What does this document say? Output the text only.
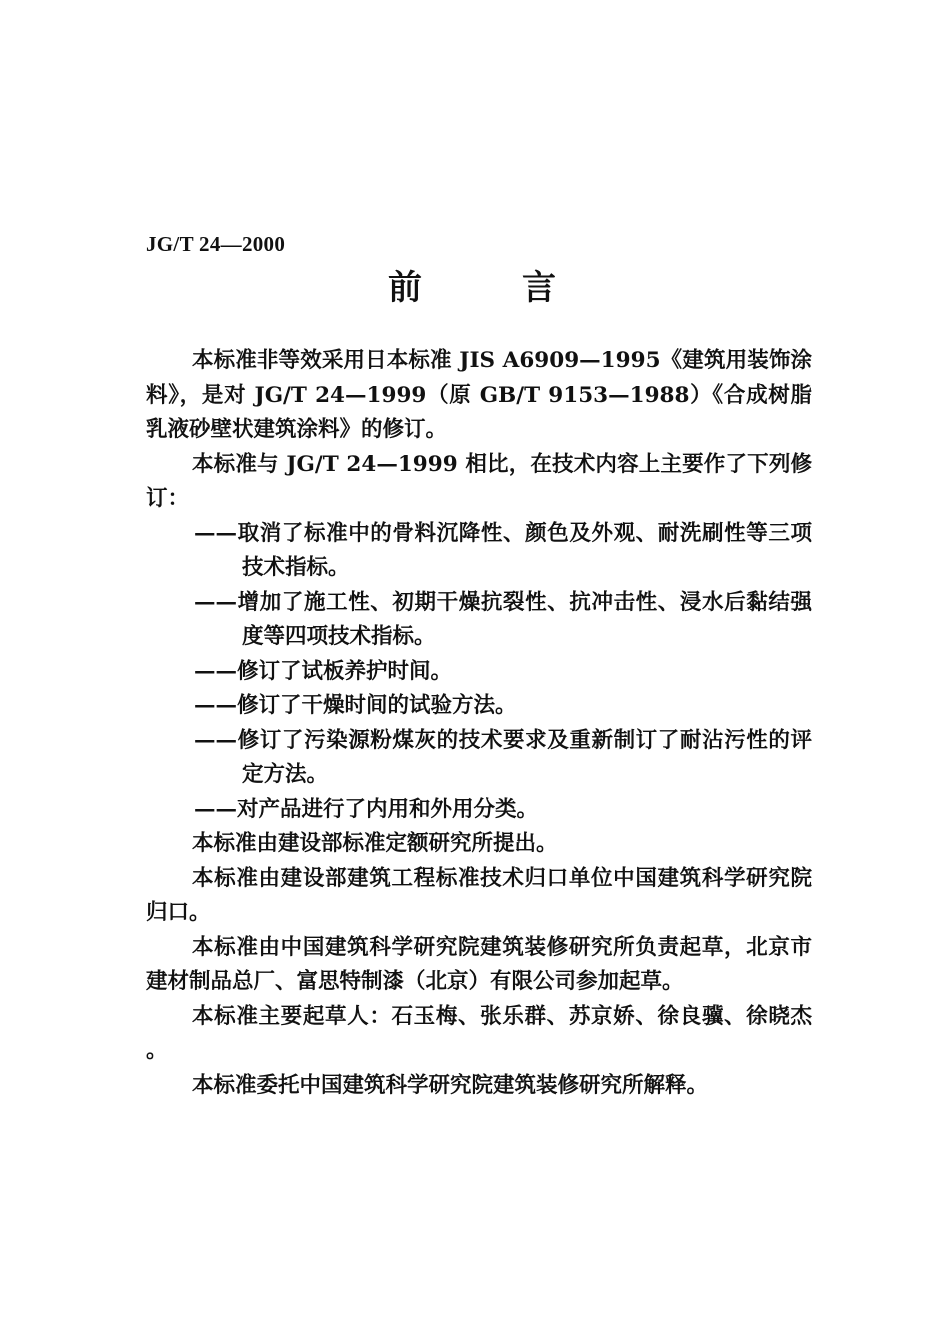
JG/T 24—2000
前	言

本标准非等效采用日本标准 JIS A6909—1995《建筑用装饰涂料》，是对 JG/T 24—1999（原 GB/T 9153—1988）《合成树脂乳液砂壁状建筑涂料》的修订。

本标准与 JG/T 24—1999 相比，在技术内容上主要作了下列修订：

——取消了标准中的骨料沉降性、颜色及外观、耐洗刷性等三项技术指标。

——增加了施工性、初期干燥抗裂性、抗冲击性、浸水后黏结强度等四项技术指标。

——修订了试板养护时间。

——修订了干燥时间的试验方法。

——修订了污染源粉煤灰的技术要求及重新制订了耐沾污性的评定方法。

——对产品进行了内用和外用分类。

本标准由建设部标准定额研究所提出。

本标准由建设部建筑工程标准技术归口单位中国建筑科学研究院归口。

本标准由中国建筑科学研究院建筑装修研究所负责起草，北京市建材制品总厂、富思特制漆（北京）有限公司参加起草。

本标准主要起草人：石玉梅、张乐群、苏京娇、徐良骥、徐晓杰。

本标准委托中国建筑科学研究院建筑装修研究所解释。
